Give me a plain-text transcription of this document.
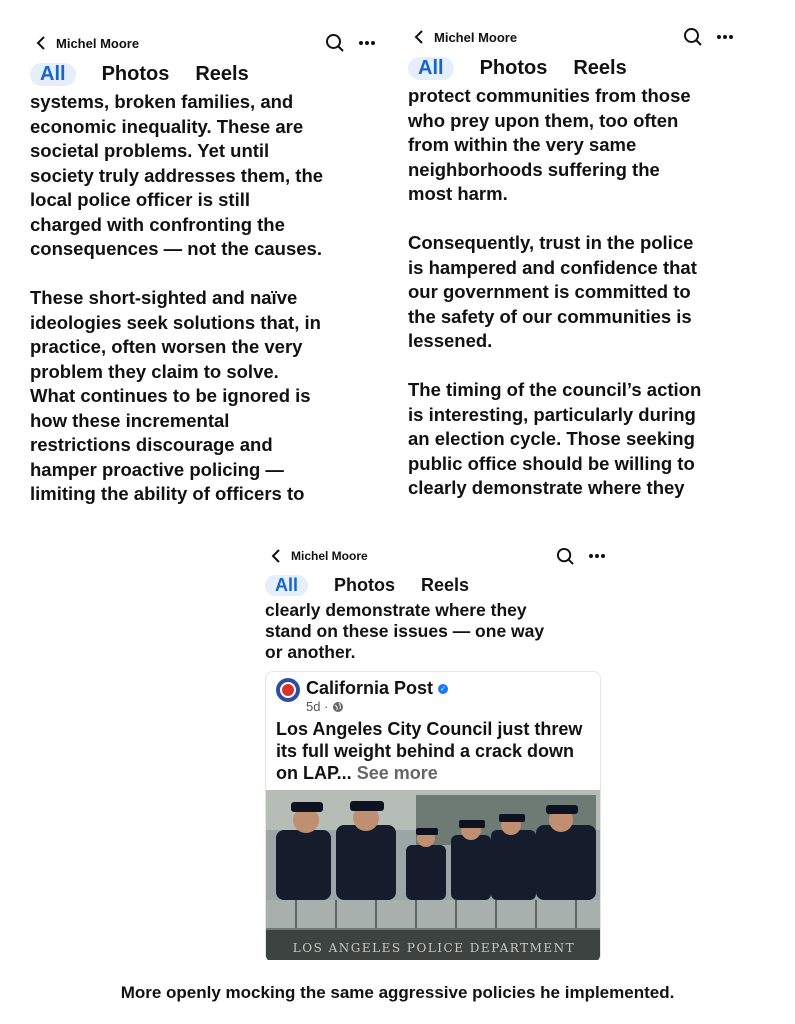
Michel Moore
All	Photos Reels
systems, broken families, and
economic inequality. These are
societal problems. Yet until
society truly addresses them, the
local police officer is still
charged with confronting the
consequences — not the causes.

These short-sighted and naïve
ideologies seek solutions that, in
practice, often worsen the very
problem they claim to solve.
What continues to be ignored is
how these incremental
restrictions discourage and
hamper proactive policing —
limiting the ability of officers to
Michel Moore
All	Photos Reels
protect communities from those
who prey upon them, too often
from within the very same
neighborhoods suffering the
most harm.

Consequently, trust in the police
is hampered and confidence that
our government is committed to
the safety of our communities is
lessened.

The timing of the council’s action
is interesting, particularly during
an election cycle. Those seeking
public office should be willing to
clearly demonstrate where they
Michel Moore
All	Photos Reels
clearly demonstrate where they
stand on these issues — one way
or another.
California Post ✓
5d ·
Los Angeles City Council just threw its full weight behind a crack down on LAP... See more
LOS ANGELES POLICE DEPARTMENT
More openly mocking the same aggressive policies he implemented.
